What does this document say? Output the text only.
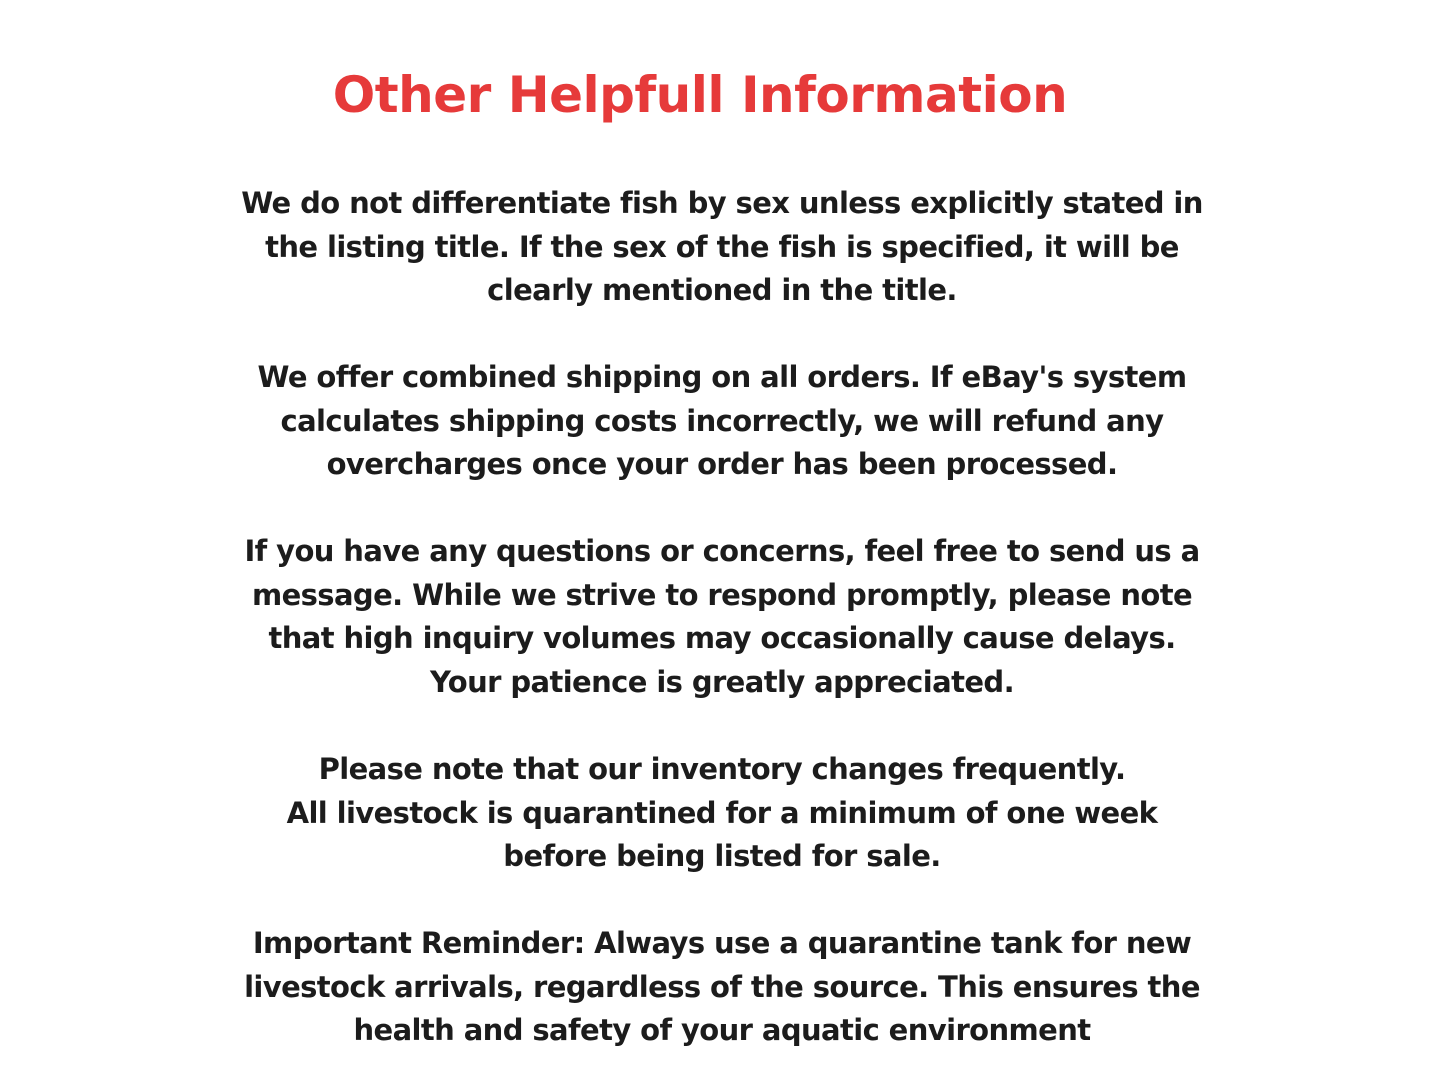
Other Helpfull Information

We do not differentiate fish by sex unless explicitly stated in
the listing title. If the sex of the fish is specified, it will be
clearly mentioned in the title.

We offer combined shipping on all orders. If eBay's system
calculates shipping costs incorrectly, we will refund any
overcharges once your order has been processed.

If you have any questions or concerns, feel free to send us a
message. While we strive to respond promptly, please note
that high inquiry volumes may occasionally cause delays.
Your patience is greatly appreciated.

Please note that our inventory changes frequently.
All livestock is quarantined for a minimum of one week
before being listed for sale.

Important Reminder: Always use a quarantine tank for new
livestock arrivals, regardless of the source. This ensures the
health and safety of your aquatic environment
